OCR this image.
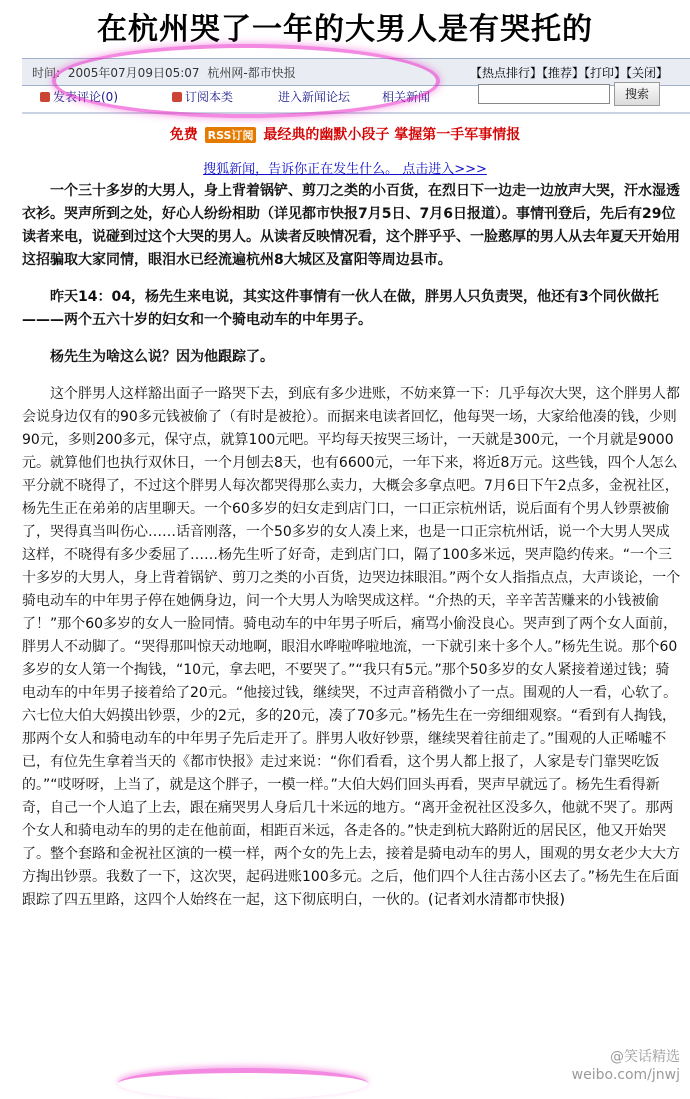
在杭州哭了一年的大男人是有哭托的
时间: 2005年07月09日05:07 杭州网-都市快报	【热点排行】【推荐】【打印】【关闭】
发表评论(0)	订阅本类	进入新闻论坛	相关新闻	搜索
免费 RSS订阅 最经典的幽默小段子 掌握第一手军事情报
搜狐新闻，告诉你正在发生什么。 点击进入>>>

一个三十多岁的大男人，身上背着锅铲、剪刀之类的小百货，在烈日下一边走一边放声大哭，汗水湿透衣衫。哭声所到之处，好心人纷纷相助（详见都市快报7月5日、7月6日报道）。事情刊登后，先后有29位读者来电，说碰到过这个大哭的男人。从读者反映情况看，这个胖乎乎、一脸憨厚的男人从去年夏天开始用这招骗取大家同情，眼泪水已经流遍杭州8大城区及富阳等周边县市。

昨天14：04，杨先生来电说，其实这件事情有一伙人在做，胖男人只负责哭，他还有3个同伙做托———两个五六十岁的妇女和一个骑电动车的中年男子。

杨先生为啥这么说？因为他跟踪了。

这个胖男人这样豁出面子一路哭下去，到底有多少进账，不妨来算一下：几乎每次大哭，这个胖男人都会说身边仅有的90多元钱被偷了（有时是被抢）。而据来电读者回忆，他每哭一场，大家给他凑的钱，少则90元，多则200多元，保守点，就算100元吧。平均每天按哭三场计，一天就是300元，一个月就是9000元。就算他们也执行双休日，一个月刨去8天，也有6600元，一年下来，将近8万元。这些钱，四个人怎么平分就不晓得了，不过这个胖男人每次都哭得那么卖力，大概会多拿点吧。7月6日下午2点多，金祝社区，杨先生正在弟弟的店里聊天。一个60多岁的妇女走到店门口，一口正宗杭州话，说后面有个男人钞票被偷了，哭得真当叫伤心……话音刚落，一个50多岁的女人凑上来，也是一口正宗杭州话，说一个大男人哭成这样，不晓得有多少委屈了……杨先生听了好奇，走到店门口，隔了100多米远，哭声隐约传来。“一个三十多岁的大男人，身上背着锅铲、剪刀之类的小百货，边哭边抹眼泪。”两个女人指指点点，大声谈论，一个骑电动车的中年男子停在她俩身边，问一个大男人为啥哭成这样。“介热的天，辛辛苦苦赚来的小钱被偷了！”那个60多岁的女人一脸同情。骑电动车的中年男子听后，痛骂小偷没良心。哭声到了两个女人面前，胖男人不动脚了。“哭得那叫惊天动地啊，眼泪水哗啦哗啦地流，一下就引来十多个人。”杨先生说。那个60多岁的女人第一个掏钱，“10元，拿去吧，不要哭了。”“我只有5元。”那个50多岁的女人紧接着递过钱；骑电动车的中年男子接着给了20元。“他接过钱，继续哭，不过声音稍微小了一点。围观的人一看，心软了。六七位大伯大妈摸出钞票，少的2元，多的20元，凑了70多元。”杨先生在一旁细细观察。“看到有人掏钱，那两个女人和骑电动车的中年男子先后走开了。胖男人收好钞票，继续哭着往前走了。”围观的人正唏嘘不已，有位先生拿着当天的《都市快报》走过来说：“你们看看，这个男人都上报了，人家是专门靠哭吃饭的。”“哎呀呀，上当了，就是这个胖子，一模一样。”大伯大妈们回头再看，哭声早就远了。杨先生看得新奇，自己一个人追了上去，跟在痛哭男人身后几十米远的地方。“离开金祝社区没多久，他就不哭了。那两个女人和骑电动车的男的走在他前面，相距百米远，各走各的。”快走到杭大路附近的居民区，他又开始哭了。整个套路和金祝社区演的一模一样，两个女的先上去，接着是骑电动车的男人，围观的男女老少大大方方掏出钞票。我数了一下，这次哭，起码进账100多元。之后，他们四个人往古荡小区去了。”杨先生在后面跟踪了四五里路，这四个人始终在一起，这下彻底明白，一伙的。(记者刘水清都市快报)

@笑话精选
weibo.com/jnwj
